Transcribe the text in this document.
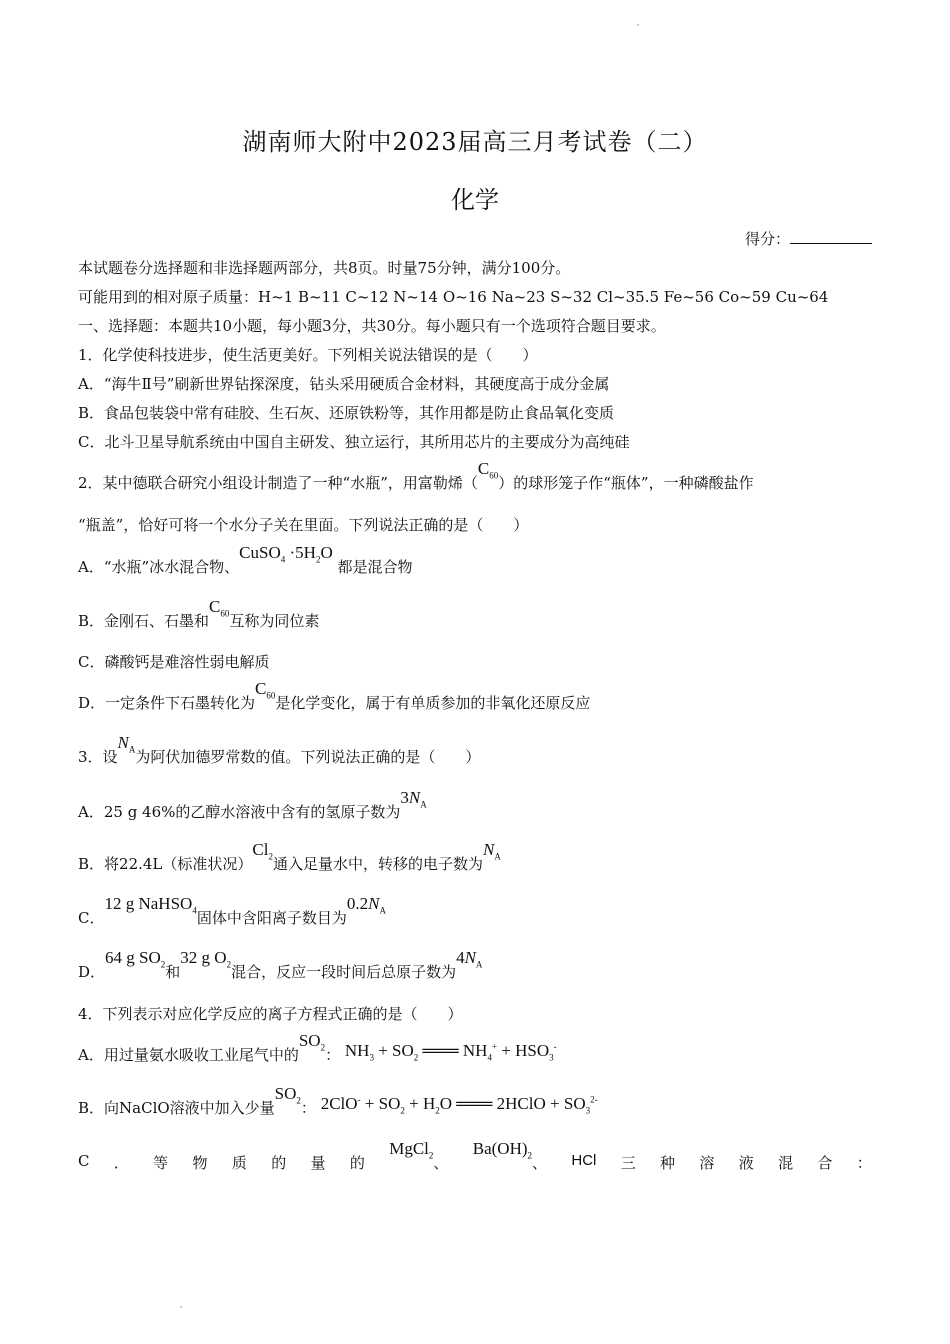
湖南师大附中2023届高三月考试卷（二）
化学
得分：
本试题卷分选择题和非选择题两部分，共8页。时量75分钟，满分100分。
可能用到的相对原子质量：H~1 B~11 C~12 N~14 O~16 Na~23 S~32 Cl~35.5 Fe~56 Co~59 Cu~64
一、选择题：本题共10小题，每小题3分，共30分。每小题只有一个选项符合题目要求。
1．化学使科技进步，使生活更美好。下列相关说法错误的是（　　）
A．“海牛Ⅱ号”刷新世界钻探深度，钻头采用硬质合金材料，其硬度高于成分金属
B．食品包装袋中常有硅胶、生石灰、还原铁粉等，其作用都是防止食品氧化变质
C．北斗卫星导航系统由中国自主研发、独立运行，其所用芯片的主要成分为高纯硅
2．某中德联合研究小组设计制造了一种“水瓶”，用富勒烯$(C_{60})$的球形笼子作“瓶体”，一种磷酸盐作
“瓶盖”，恰好可将一个水分子关在里面。下列说法正确的是（　　）
A．“水瓶”冰水混合物、CuSO$_4$ $\cdot 5H_2O$ 都是混合物
B．金刚石、石墨和$C_{60}$互称为同位素
C．磷酸钙是难溶性弱电解质
D．一定条件下石墨转化为$C_{60}$是化学变化，属于有单质参加的非氧化还原反应
3．设$N_A$为阿伏加德罗常数的值。下列说法正确的是（　　）
A．25 g 46%的乙醇水溶液中含有的氢原子数为$3N_A$
B．将22.4L（标准状况）$Cl_2$通入足量水中，转移的电子数为$N_A$
C．12 g NaHSO$_4$固体中含阳离子数目为$0.2N_A$
D．64 g $SO_2$和32 g $O_2$混合，反应一段时间后总原子数为$4N_A$
4．下列表示对应化学反应的离子方程式正确的是（　　）
A．用过量氨水吸收工业尾气中的$SO_2$： $NH_3 + SO_2$ ═══ $NH_4^+ + HSO_3^-$
B．向NaClO溶液中加入少量$SO_2$： $2ClO^- + SO_2 + H_2O$ ═══ 2HClO + $SO_3^{2-}$
C ． 等 物 质 的 量 的
MgCl$_2$、
$Ba(OH)_2$、 HCl 三 种 溶 液 混 合 ：
